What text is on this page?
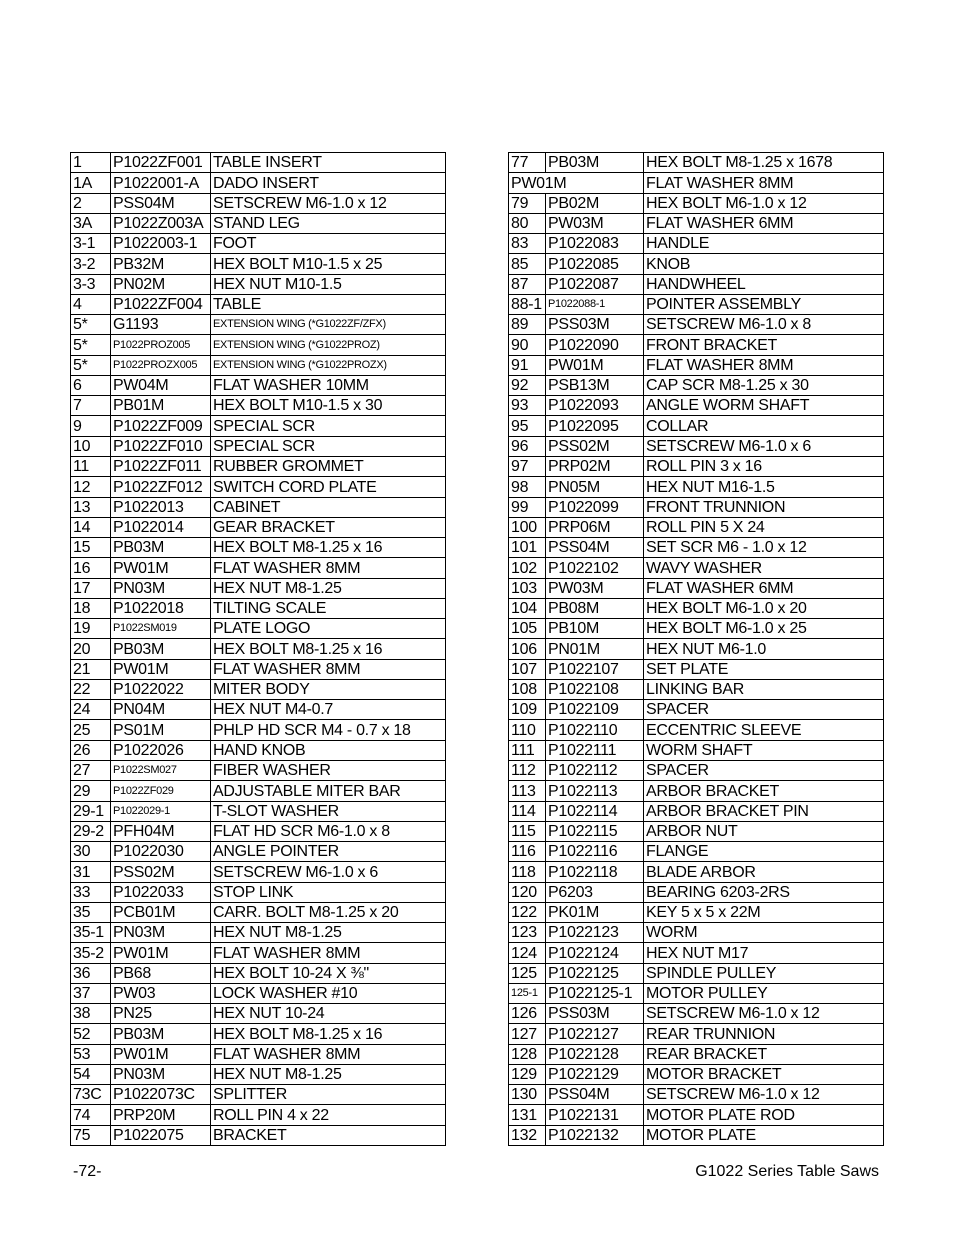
1	P1022ZF001	TABLE INSERT
1A	P1022001-A	DADO INSERT
2	PSS04M	SETSCREW M6-1.0 x 12
3A	P1022Z003A	STAND LEG
3-1	P1022003-1	FOOT
3-2	PB32M	HEX BOLT M10-1.5 x 25
3-3	PN02M	HEX NUT M10-1.5
4	P1022ZF004	TABLE
5*	G1193	EXTENSION WING (*G1022ZF/ZFX)
5*	P1022PROZ005	EXTENSION WING (*G1022PROZ)
5*	P1022PROZX005	EXTENSION WING (*G1022PROZX)
6	PW04M	FLAT WASHER 10MM
7	PB01M	HEX BOLT M10-1.5 x 30
9	P1022ZF009	SPECIAL SCR
10	P1022ZF010	SPECIAL SCR
11	P1022ZF011	RUBBER GROMMET
12	P1022ZF012	SWITCH CORD PLATE
13	P1022013	CABINET
14	P1022014	GEAR BRACKET
15	PB03M	HEX BOLT M8-1.25 x 16
16	PW01M	FLAT WASHER 8MM
17	PN03M	HEX NUT M8-1.25
18	P1022018	TILTING SCALE
19	P1022SM019	PLATE LOGO
20	PB03M	HEX BOLT M8-1.25 x 16
21	PW01M	FLAT WASHER 8MM
22	P1022022	MITER BODY
24	PN04M	HEX NUT M4-0.7
25	PS01M	PHLP HD SCR M4 - 0.7 x 18
26	P1022026	HAND KNOB
27	P1022SM027	FIBER WASHER
29	P1022ZF029	ADJUSTABLE MITER BAR
29-1	P1022029-1	T-SLOT WASHER
29-2	PFH04M	FLAT HD SCR M6-1.0 x 8
30	P1022030	ANGLE POINTER
31	PSS02M	SETSCREW M6-1.0 x 6
33	P1022033	STOP LINK
35	PCB01M	CARR. BOLT M8-1.25 x 20
35-1	PN03M	HEX NUT M8-1.25
35-2	PW01M	FLAT WASHER 8MM
36	PB68	HEX BOLT 10-24 X ⅜"
37	PW03	LOCK WASHER #10
38	PN25	HEX NUT 10-24
52	PB03M	HEX BOLT M8-1.25 x 16
53	PW01M	FLAT WASHER 8MM
54	PN03M	HEX NUT M8-1.25
73C	P1022073C	SPLITTER
74	PRP20M	ROLL PIN 4 x 22
75	P1022075	BRACKET
77	PB03M	HEX BOLT M8-1.25 x 1678
PW01M		FLAT WASHER 8MM
79	PB02M	HEX BOLT M6-1.0 x 12
80	PW03M	FLAT WASHER 6MM
83	P1022083	HANDLE
85	P1022085	KNOB
87	P1022087	HANDWHEEL
88-1	P1022088-1	POINTER ASSEMBLY
89	PSS03M	SETSCREW M6-1.0 x 8
90	P1022090	FRONT BRACKET
91	PW01M	FLAT WASHER 8MM
92	PSB13M	CAP SCR M8-1.25 x 30
93	P1022093	ANGLE WORM SHAFT
95	P1022095	COLLAR
96	PSS02M	SETSCREW M6-1.0 x 6
97	PRP02M	ROLL PIN 3 x 16
98	PN05M	HEX NUT M16-1.5
99	P1022099	FRONT TRUNNION
100	PRP06M	ROLL PIN 5 X 24
101	PSS04M	SET SCR M6 - 1.0 x 12
102	P1022102	WAVY WASHER
103	PW03M	FLAT WASHER 6MM
104	PB08M	HEX BOLT M6-1.0 x 20
105	PB10M	HEX BOLT M6-1.0 x 25
106	PN01M	HEX NUT M6-1.0
107	P1022107	SET PLATE
108	P1022108	LINKING BAR
109	P1022109	SPACER
110	P1022110	ECCENTRIC SLEEVE
111	P1022111	WORM SHAFT
112	P1022112	SPACER
113	P1022113	ARBOR BRACKET
114	P1022114	ARBOR BRACKET PIN
115	P1022115	ARBOR NUT
116	P1022116	FLANGE
118	P1022118	BLADE ARBOR
120	P6203	BEARING 6203-2RS
122	PK01M	KEY 5 x 5 x 22M
123	P1022123	WORM
124	P1022124	HEX NUT M17
125	P1022125	SPINDLE PULLEY
125-1	P1022125-1	MOTOR PULLEY
126	PSS03M	SETSCREW M6-1.0 x 12
127	P1022127	REAR TRUNNION
128	P1022128	REAR BRACKET
129	P1022129	MOTOR BRACKET
130	PSS04M	SETSCREW M6-1.0 x 12
131	P1022131	MOTOR PLATE ROD
132	P1022132	MOTOR PLATE
-72-	G1022 Series Table Saws
